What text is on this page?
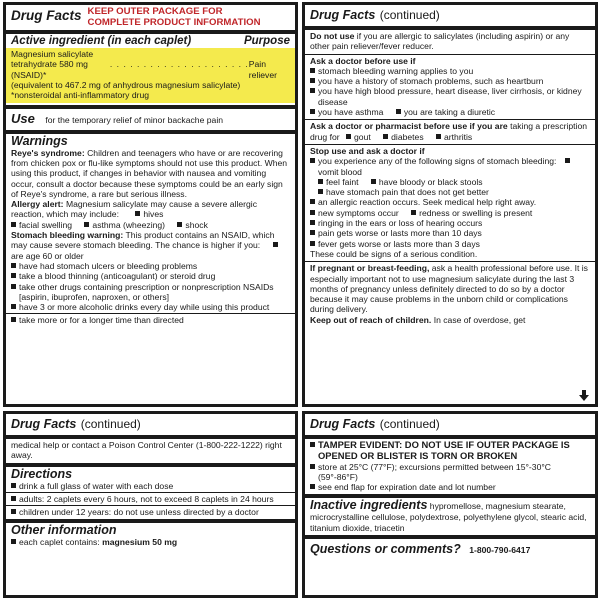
Drug Facts KEEP OUTER PACKAGE FOR
COMPLETE PRODUCT INFORMATION
Active ingredient (in each caplet)	Purpose
Magnesium salicylate
tetrahydrate 580 mg (NSAID)*
. . . . . . . . . . . . . . . . . . . . . Pain reliever
(equivalent to 467.2 mg of anhydrous magnesium salicylate)
*nonsteroidal anti-inflammatory drug
Use for the temporary relief of minor backache pain
Warnings
Reye's syndrome: Children and teenagers who have or are recovering from chicken pox or flu-like symptoms should not use this product. When using this product, if changes in behavior with nausea and vomiting occur, consult a doctor because these symptoms could be an early sign of Reye's syndrome, a rare but serious illness.
Allergy alert: Magnesium salicylate may cause a severe allergic reaction, which may include:	hives
facial swelling asthma (wheezing) shock
Stomach bleeding warning: This product contains an NSAID, which may cause severe stomach bleeding. The chance is higher if you: are age 60 or older
have had stomach ulcers or bleeding problems
take a blood thinning (anticoagulant) or steroid drug
take other drugs containing prescription or nonprescription NSAIDs [aspirin, ibuprofen, naproxen, or others]
have 3 or more alcoholic drinks every day while using this product
take more or for a longer time than directed
Drug Facts (continued)
Do not use if you are allergic to salicylates (including aspirin) or any other pain reliever/fever reducer.
Ask a doctor before use if
stomach bleeding warning applies to you
you have a history of stomach problems, such as heartburn
you have high blood pressure, heart disease, liver cirrhosis, or kidney disease
you have asthma you are taking a diuretic
Ask a doctor or pharmacist before use if you are taking a prescription drug for gout diabetes arthritis
Stop use and ask a doctor if
you experience any of the following signs of stomach bleeding: vomit blood
feel faint have bloody or black stools
have stomach pain that does not get better
an allergic reaction occurs. Seek medical help right away.
new symptoms occur redness or swelling is present
ringing in the ears or loss of hearing occurs
pain gets worse or lasts more than 10 days
fever gets worse or lasts more than 3 days
These could be signs of a serious condition.
If pregnant or breast-feeding, ask a health professional before use. It is especially important not to use magnesium salicylate during the last 3 months of pregnancy unless definitely directed to do so by a doctor because it may cause problems in the unborn child or complications during delivery.
Keep out of reach of children. In case of overdose, get
Drug Facts (continued)
medical help or contact a Poison Control Center (1-800-222-1222) right away.
Directions
drink a full glass of water with each dose
adults: 2 caplets every 6 hours, not to exceed 8 caplets in 24 hours
children under 12 years: do not use unless directed by a doctor
Other information
each caplet contains: magnesium 50 mg
Drug Facts (continued)
TAMPER EVIDENT: DO NOT USE IF OUTER PACKAGE IS OPENED OR BLISTER IS TORN OR BROKEN
store at 25°C (77°F); excursions permitted between 15°-30°C (59°-86°F)
see end flap for expiration date and lot number
Inactive ingredients hypromellose, magnesium stearate, microcrystalline cellulose, polydextrose, polyethylene glycol, stearic acid, titanium dioxide, triacetin
Questions or comments? 1-800-790-6417
